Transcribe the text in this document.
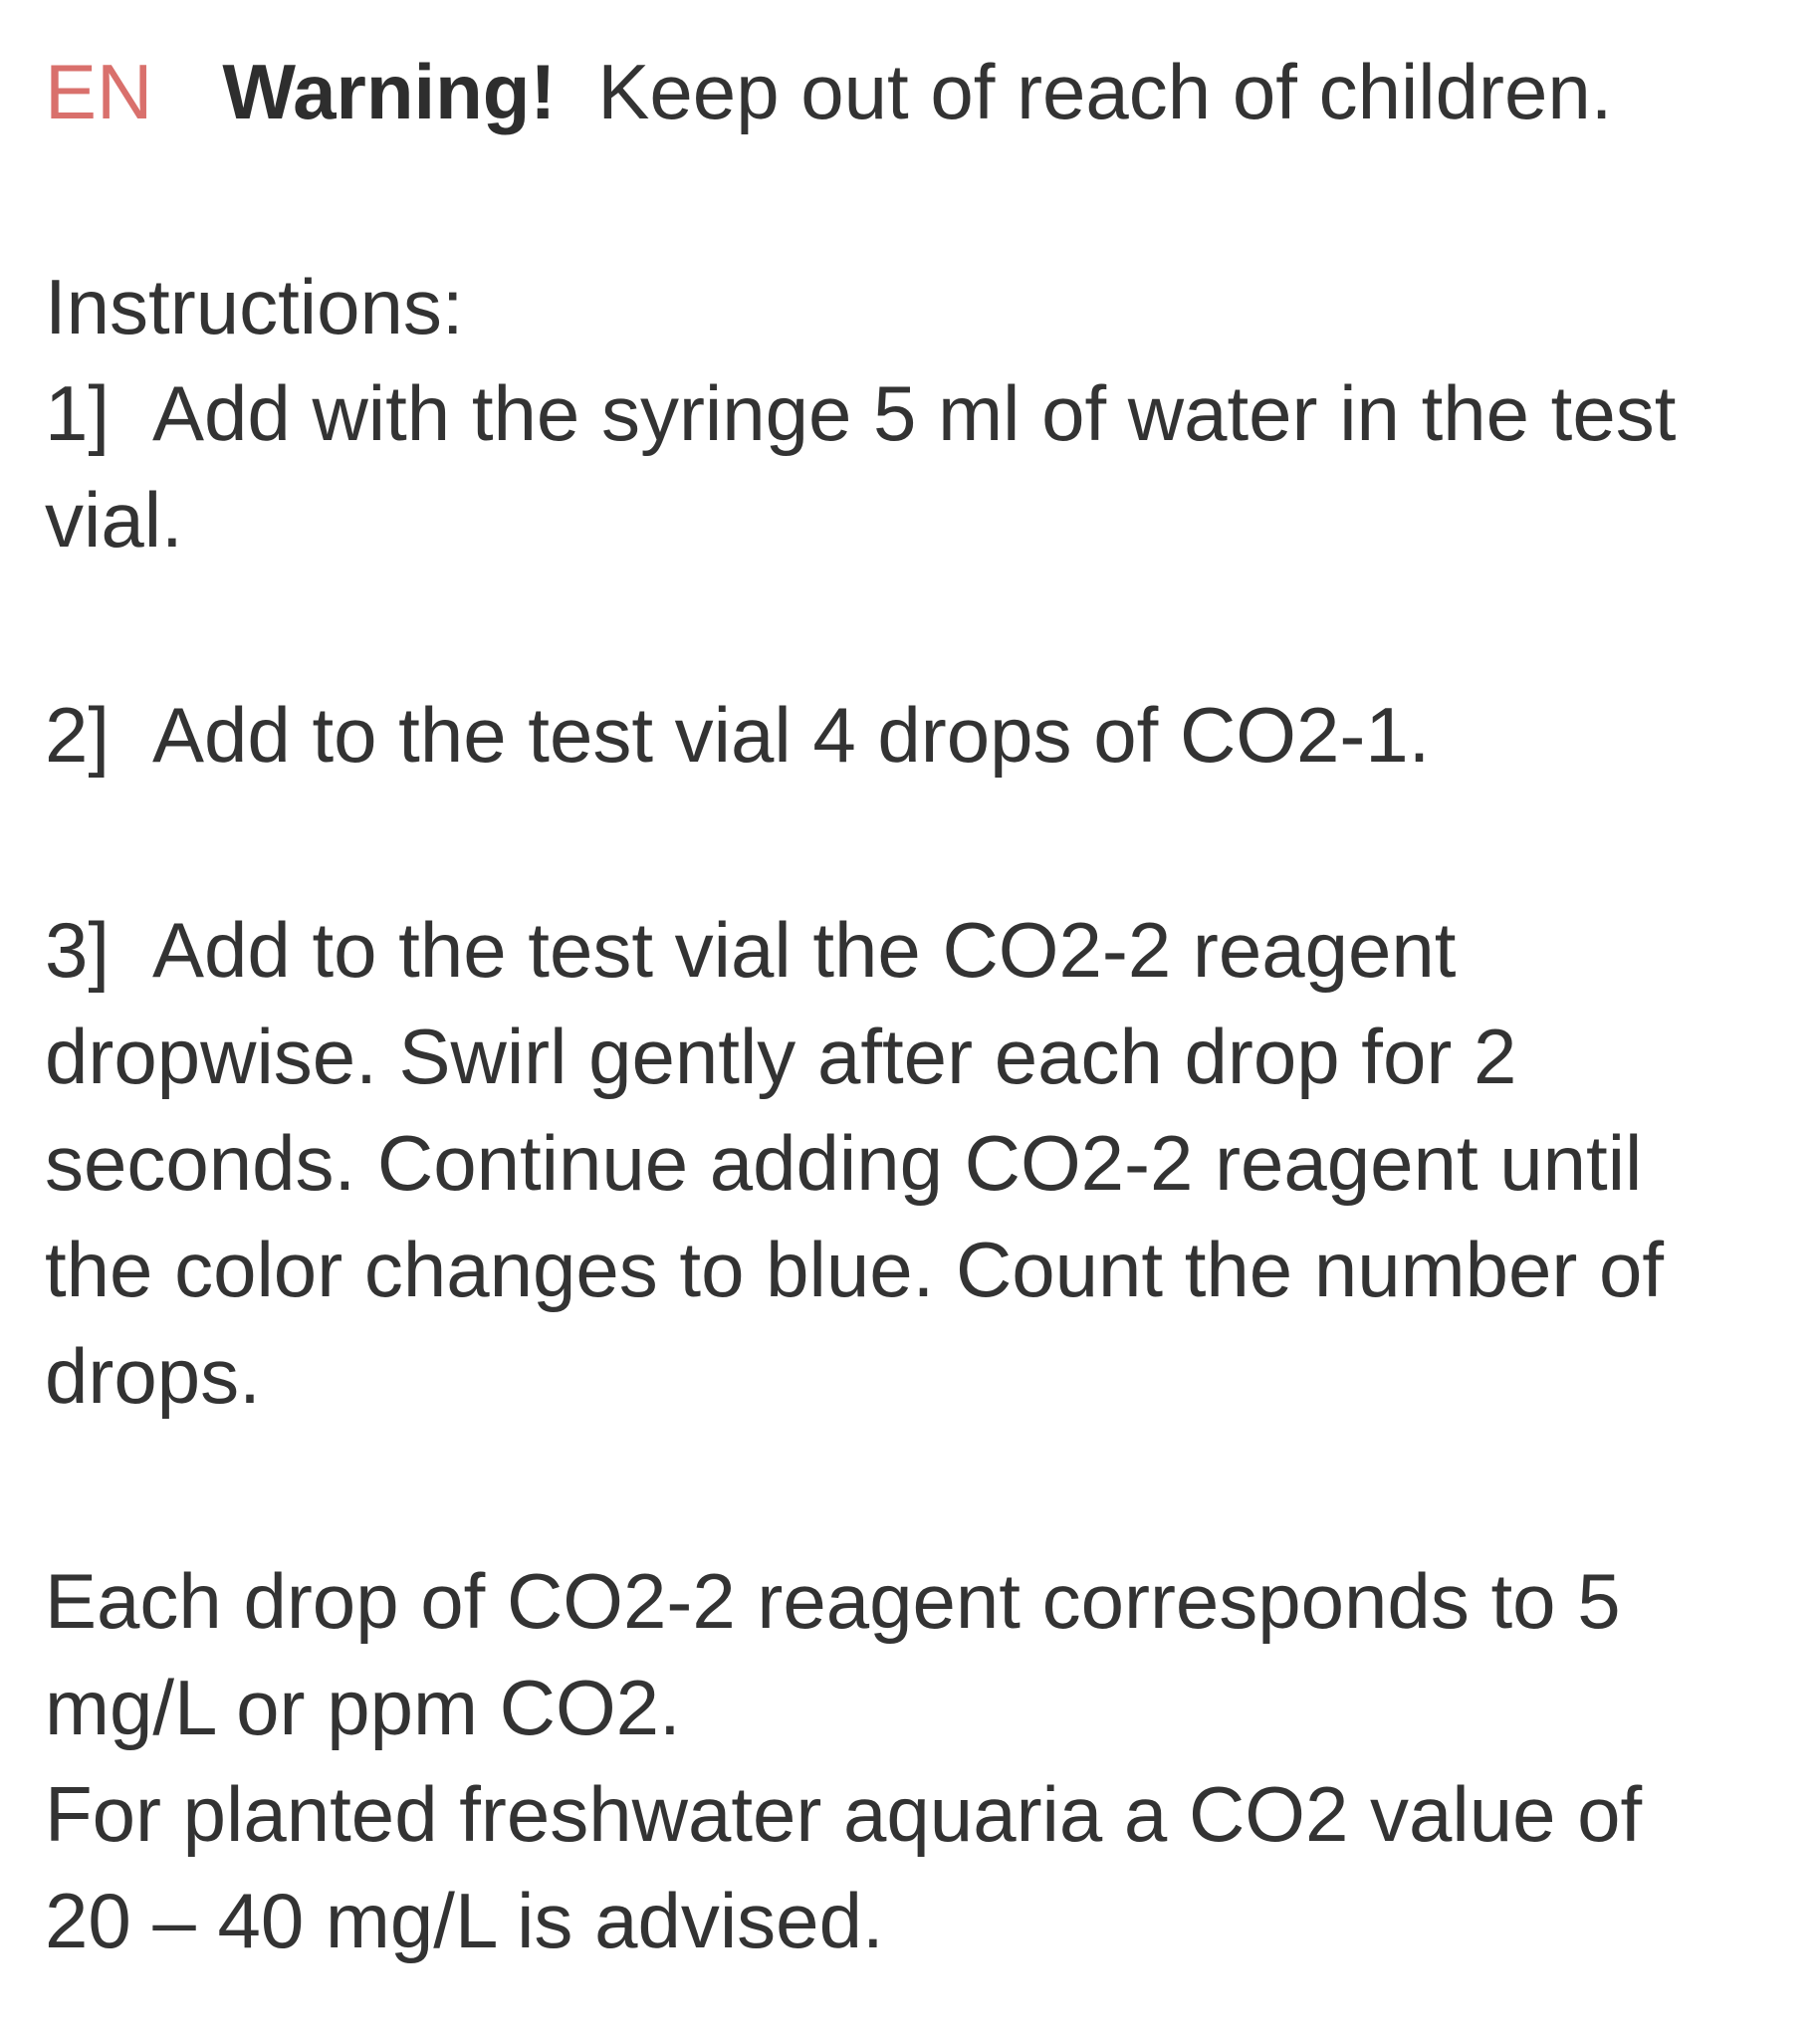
EN Warning! Keep out of reach of children.
Instructions:
1] Add with the syringe 5 ml of water in the test
vial.
2] Add to the test vial 4 drops of CO2-1.
3] Add to the test vial the CO2-2 reagent
dropwise. Swirl gently after each drop for 2
seconds. Continue adding CO2-2 reagent until
the color changes to blue. Count the number of
drops.
Each drop of CO2-2 reagent corresponds to 5
mg/L or ppm CO2.
For planted freshwater aquaria a CO2 value of
20 – 40 mg/L is advised.
